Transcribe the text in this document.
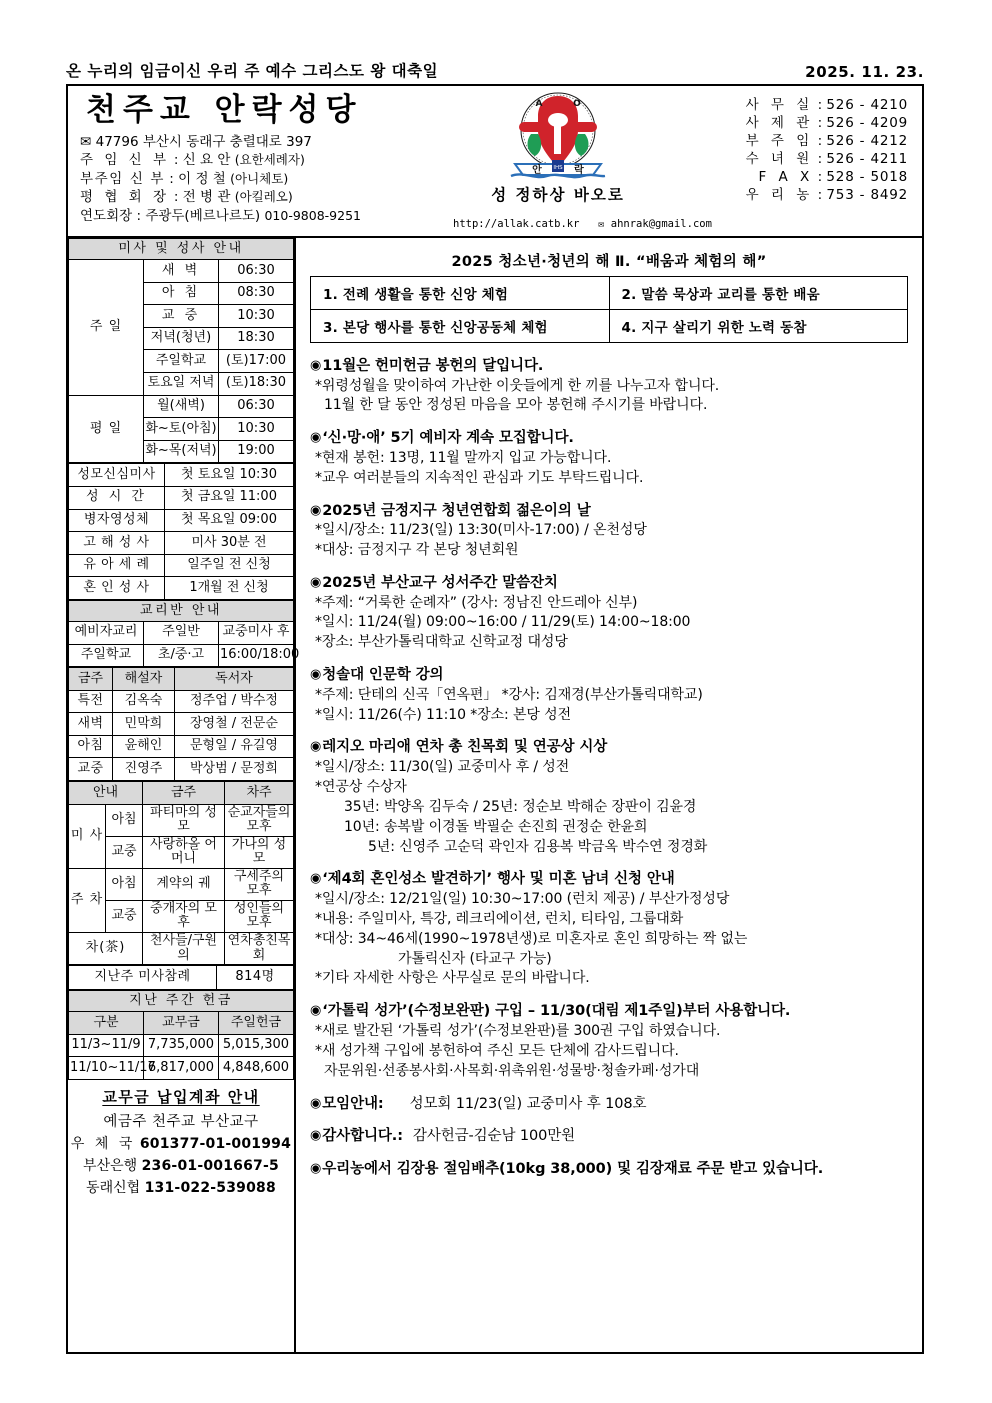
온 누리의 임금이신 우리 주 예수 그리스도 왕 대축일	2025. 11. 23.
천주교 안락성당
✉ 47796 부산시 동래구 충렬대로 397
주 임 신 부 : 신 요 안 (요한세례자)
부주임 신 부 : 이 정 철 (아니체토)
평 협 회 장 : 전 병 관 (아킬레오)
연도회장 : 주광두(베르나르도) 010-9808-9251
IHS
A	O
안	락
성 정하상 바오로
http://allak.catb.kr ✉ ahnrak@gmail.com
사 무 실 : 526 - 4210
사 제 관 : 526 - 4209
부 주 임 : 526 - 4212
수 녀 원 : 526 - 4211
F A X : 528 - 5018
우 리 농 : 753 - 8492
미사 및 성사 안내		
주 일	새 벽	06:30
	아 침	08:30
	교 중	10:30
	저녁(청년)	18:30
	주일학교	(토)17:00
	토요일 저녁	(토)18:30
평 일	월(새벽)	06:30
	화~토(아침)	10:30
	화~목(저녁)	19:00
성모신심미사	첫 토요일 10:30
성 시 간	첫 금요일 11:00
병자영성체	첫 목요일 09:00
고 해 성 사	미사 30분 전
유 아 세 례	일주일 전 신청
혼 인 성 사	1개월 전 신청
교리반 안내		
예비자교리	주일반	교중미사 후
주일학교	초/중·고	16:00/18:00
금주	해설자	독서자
특전	김옥숙	정주업 / 박수정
새벽	민막희	장영철 / 전문순
아침	윤해인	문형일 / 유길영
교중	진영주	박상범 / 문정희
안내		금주	차주
미 사	아침	파티마의 성모	순교자들의 모후
	교중	사랑하올 어머니	가나의 성모
주 차	아침	계약의 궤	구세주의 모후
	교중	중개자의 모후	성인들의 모후
차(茶)		천사들/구원의	연차총친목회
지난주 미사참례	814명
지난 주간 헌금		
구분	교무금	주일헌금
11/3~11/9	7,735,000	5,015,300
11/10~11/17	6,817,000	4,848,600
교무금 납입계좌 안내
예금주 천주교 부산교구
우 체 국 601377-01-001994
부산은행 236-01-001667-5
동래신협 131-022-539088
2025 청소년·청년의 해 Ⅱ. “배움과 체험의 해”
1. 전례 생활을 통한 신앙 체험	2. 말씀 묵상과 교리를 통한 배움
3. 본당 행사를 통한 신앙공동체 체험	4. 지구 살리기 위한 노력 동참
◉ 11월은 헌미헌금 봉헌의 달입니다.
*위령성월을 맞이하여 가난한 이웃들에게 한 끼를 나누고자 합니다.
11월 한 달 동안 정성된 마음을 모아 봉헌해 주시기를 바랍니다.
◉ ‘신·망·애’ 5기 예비자 계속 모집합니다.
*현재 봉헌: 13명, 11월 말까지 입교 가능합니다.
*교우 여러분들의 지속적인 관심과 기도 부탁드립니다.
◉ 2025년 금정지구 청년연합회 젊은이의 날
*일시/장소: 11/23(일) 13:30(미사-17:00) / 온천성당
*대상: 금정지구 각 본당 청년회원
◉ 2025년 부산교구 성서주간 말씀잔치
*주제: “거룩한 순례자” (강사: 정남진 안드레아 신부)
*일시: 11/24(월) 09:00~16:00 / 11/29(토) 14:00~18:00
*장소: 부산가톨릭대학교 신학교정 대성당
◉ 청솔대 인문학 강의
*주제: 단테의 신곡「연옥편」 *강사: 김재경(부산가톨릭대학교)
*일시: 11/26(수) 11:10 *장소: 본당 성전
◉ 레지오 마리애 연차 총 친목회 및 연공상 시상
*일시/장소: 11/30(일) 교중미사 후 / 성전
*연공상 수상자
35년: 박양옥 김두숙 / 25년: 정순보 박해순 장판이 김윤경
10년: 송복발 이경돌 박필순 손진희 권정순 한윤희
5년: 신영주 고순덕 곽인자 김용복 박금옥 박수연 정경화
◉ ‘제4회 혼인성소 발견하기’ 행사 및 미혼 남녀 신청 안내
*일시/장소: 12/21일(일) 10:30~17:00 (런치 제공) / 부산가정성당
*내용: 주일미사, 특강, 레크리에이션, 런치, 티타임, 그룹대화
*대상: 34~46세(1990~1978년생)로 미혼자로 혼인 희망하는 짝 없는
가톨릭신자 (타교구 가능)
*기타 자세한 사항은 사무실로 문의 바랍니다.
◉ ‘가톨릭 성가’(수정보완판) 구입 – 11/30(대림 제1주일)부터 사용합니다.
*새로 발간된 ‘가톨릭 성가’(수정보완판)를 300권 구입 하였습니다.
*새 성가책 구입에 봉헌하여 주신 모든 단체에 감사드립니다.
자문위원·선종봉사회·사목회·위촉위원·성물방·청솔카페·성가대
◉ 모임안내:	성모회 11/23(일) 교중미사 후 108호
◉ 감사합니다.: 감사헌금-김순남 100만원
◉ 우리농에서 김장용 절임배추(10kg 38,000) 및 김장재료 주문 받고 있습니다.
